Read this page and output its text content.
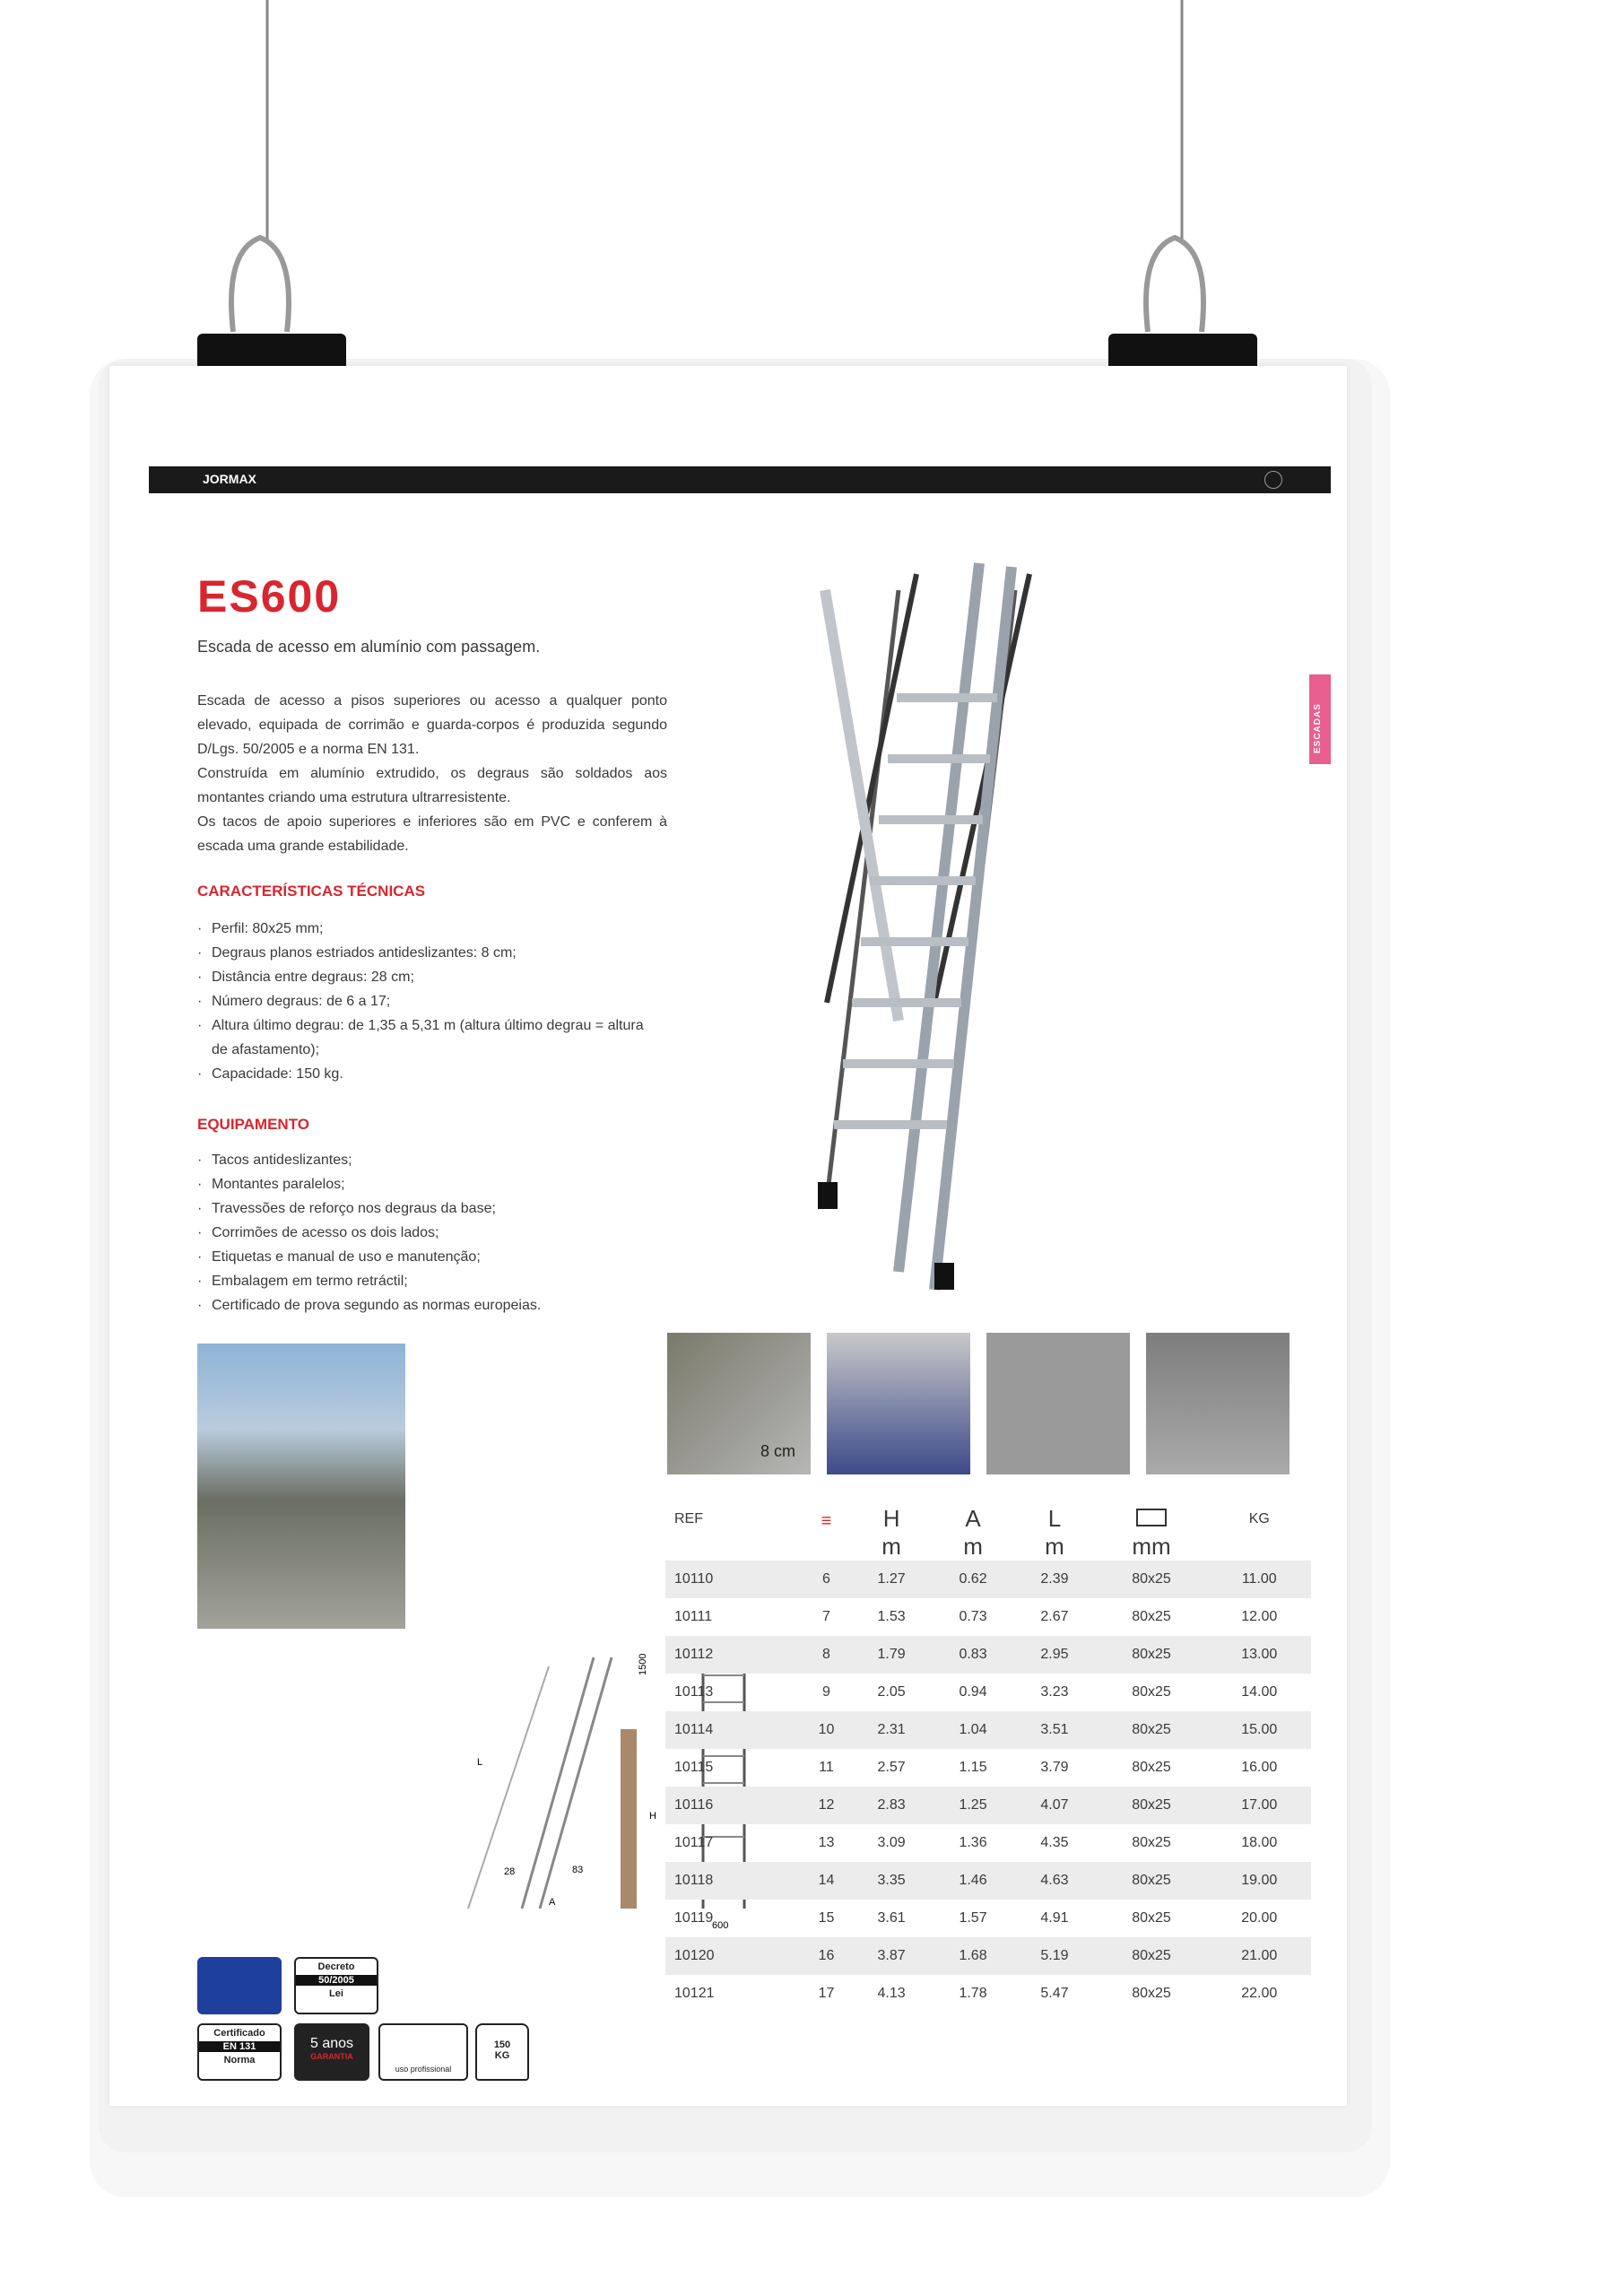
JORMAX
ESCADAS
ES600
Escada de acesso em alumínio com passagem.
Escada de acesso a pisos superiores ou acesso a qualquer ponto elevado, equipada de corrimão e guarda-corpos é produzida segundo D/Lgs. 50/2005 e a norma EN 131.
Construída em alumínio extrudido, os degraus são soldados aos montantes criando uma estrutura ultrarresistente.
Os tacos de apoio superiores e inferiores são em PVC e conferem à escada uma grande estabilidade.
CARACTERÍSTICAS TÉCNICAS
· Perfil: 80x25 mm;
· Degraus planos estriados antideslizantes: 8 cm;
· Distância entre degraus: 28 cm;
· Número degraus: de 6 a 17;
· Altura último degrau: de 1,35 a 5,31 m (altura último degrau = altura de afastamento);
· Capacidade: 150 kg.
EQUIPAMENTO
· Tacos antideslizantes;
· Montantes paralelos;
· Travessões de reforço nos degraus da base;
· Corrimões de acesso os dois lados;
· Etiquetas e manual de uso e manutenção;
· Embalagem em termo retráctil;
· Certificado de prova segundo as normas europeias.
8 cm
1500
H
A
L
83
28
600
REF	≡	H	A	L		KG
		m	m	m	mm	
10110	6	1.27	0.62	2.39	80x25	11.00
10111	7	1.53	0.73	2.67	80x25	12.00
10112	8	1.79	0.83	2.95	80x25	13.00
10113	9	2.05	0.94	3.23	80x25	14.00
10114	10	2.31	1.04	3.51	80x25	15.00
10115	11	2.57	1.15	3.79	80x25	16.00
10116	12	2.83	1.25	4.07	80x25	17.00
10117	13	3.09	1.36	4.35	80x25	18.00
10118	14	3.35	1.46	4.63	80x25	19.00
10119	15	3.61	1.57	4.91	80x25	20.00
10120	16	3.87	1.68	5.19	80x25	21.00
10121	17	4.13	1.78	5.47	80x25	22.00
Decreto
50/2005
Lei
Certificado
EN 131
Norma
5 anos
GARANTIA
uso profissional
150
KG
